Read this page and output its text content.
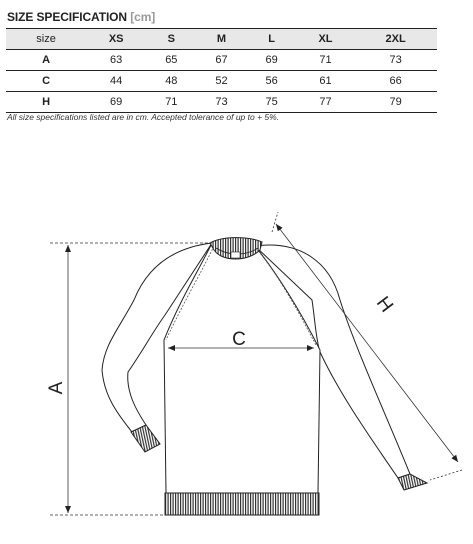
SIZE SPECIFICATION [cm]
size	XS	S	M	L	XL	2XL
A	63	65	67	69	71	73
C	44	48	52	56	61	66
H	69	71	73	75	77	79
All size specifications listed are in cm. Accepted tolerance of up to + 5%.
A
C
H
